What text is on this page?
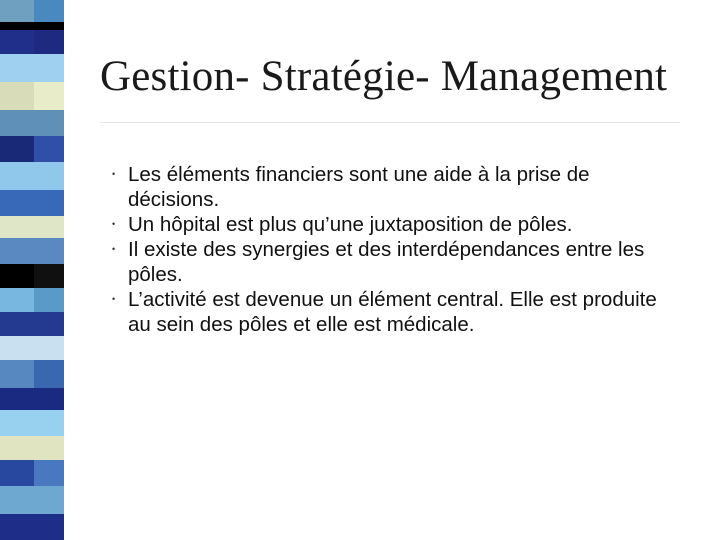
Gestion- Stratégie- Management
• Les éléments financiers sont une aide à la prise de décisions.
• Un hôpital est plus qu’une juxtaposition de pôles.
• Il existe des synergies et des interdépendances entre les pôles.
• L’activité est devenue un élément central. Elle est produite au sein des pôles et elle est médicale.
